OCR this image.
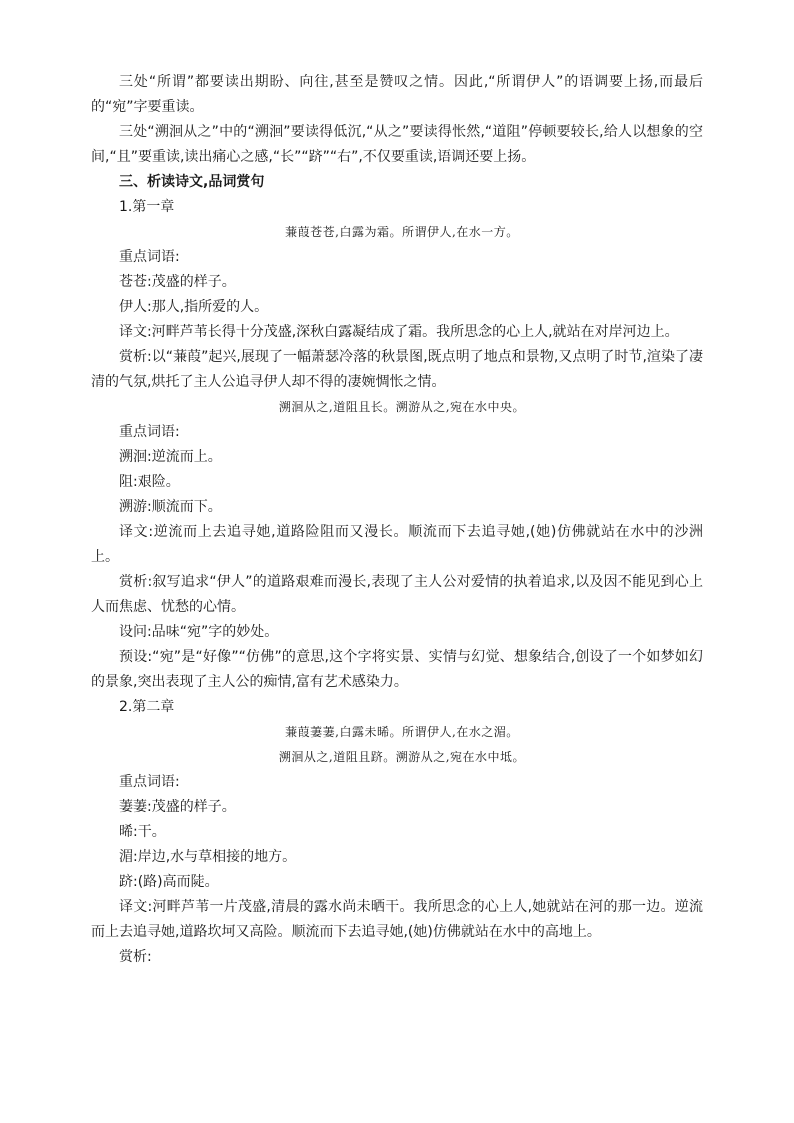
三处“所谓”都要读出期盼、向往,甚至是赞叹之情。因此,“所谓伊人”的语调要上扬,而最后的“宛”字要重读。

三处“溯洄从之”中的“溯洄”要读得低沉,“从之”要读得怅然,“道阻”停顿要较长,给人以想象的空间,“且”要重读,读出痛心之感,“长”“跻”“右”,不仅要重读,语调还要上扬。

三、析读诗文,品词赏句

1.第一章

蒹葭苍苍,白露为霜。所谓伊人,在水一方。

重点词语:

苍苍:茂盛的样子。

伊人:那人,指所爱的人。

译文:河畔芦苇长得十分茂盛,深秋白露凝结成了霜。我所思念的心上人,就站在对岸河边上。

赏析:以“蒹葭”起兴,展现了一幅萧瑟冷落的秋景图,既点明了地点和景物,又点明了时节,渲染了凄清的气氛,烘托了主人公追寻伊人却不得的凄婉惆怅之情。

溯洄从之,道阻且长。溯游从之,宛在水中央。

重点词语:

溯洄:逆流而上。

阻:艰险。

溯游:顺流而下。

译文:逆流而上去追寻她,道路险阻而又漫长。顺流而下去追寻她,(她)仿佛就站在水中的沙洲上。

赏析:叙写追求“伊人”的道路艰难而漫长,表现了主人公对爱情的执着追求,以及因不能见到心上人而焦虑、忧愁的心情。

设问:品味“宛”字的妙处。

预设:“宛”是“好像”“仿佛”的意思,这个字将实景、实情与幻觉、想象结合,创设了一个如梦如幻的景象,突出表现了主人公的痴情,富有艺术感染力。

2.第二章

蒹葭萋萋,白露未晞。所谓伊人,在水之湄。

溯洄从之,道阻且跻。溯游从之,宛在水中坻。

重点词语:

萋萋:茂盛的样子。

晞:干。

湄:岸边,水与草相接的地方。

跻:(路)高而陡。

译文:河畔芦苇一片茂盛,清晨的露水尚未晒干。我所思念的心上人,她就站在河的那一边。逆流而上去追寻她,道路坎坷又高险。顺流而下去追寻她,(她)仿佛就站在水中的高地上。

赏析:
